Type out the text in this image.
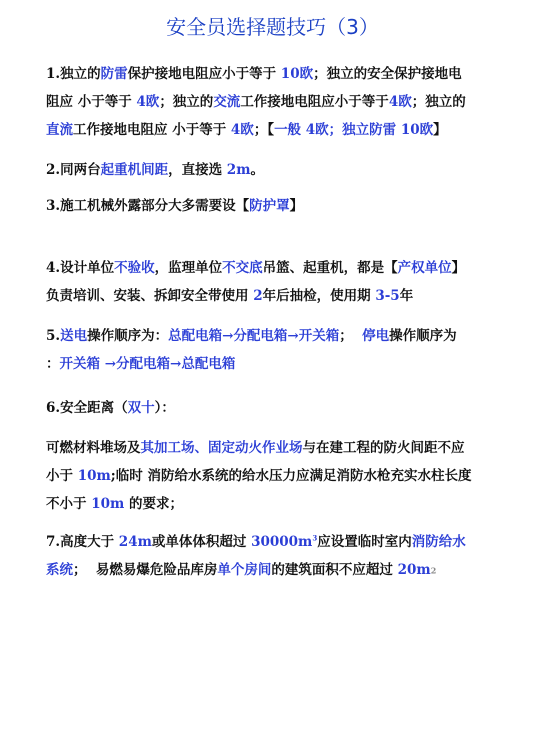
安全员选择题技巧（3）
1.独立的防雷保护接地电阻应小于等于 10欧；独立的安全保护接地电
阻应 小于等于 4欧；独立的交流工作接地电阻应小于等于4欧；独立的
直流工作接地电阻应 小于等于 4欧；【一般 4欧；独立防雷 10欧】
2.同两台起重机间距，直接选 2m。
3.施工机械外露部分大多需要设【防护罩】
4.设计单位不验收，监理单位不交底吊篮、起重机，都是【产权单位】
负责培训、安装、拆卸安全带使用 2年后抽检，使用期 3-5年
5.送电操作顺序为：总配电箱→分配电箱→开关箱；  停电操作顺序为
：开关箱 →分配电箱→总配电箱
6.安全距离（双十）：
可燃材料堆场及其加工场、固定动火作业场与在建工程的防火间距不应
小于 10m;临时 消防给水系统的给水压力应满足消防水枪充实水柱长度
不小于 10m 的要求；
7.高度大于 24m或单体体积超过 $30000m^3$应设置临时室内消防给水
系统；  易燃易爆危险品库房单个房间的建筑面积不应超过 20m2
